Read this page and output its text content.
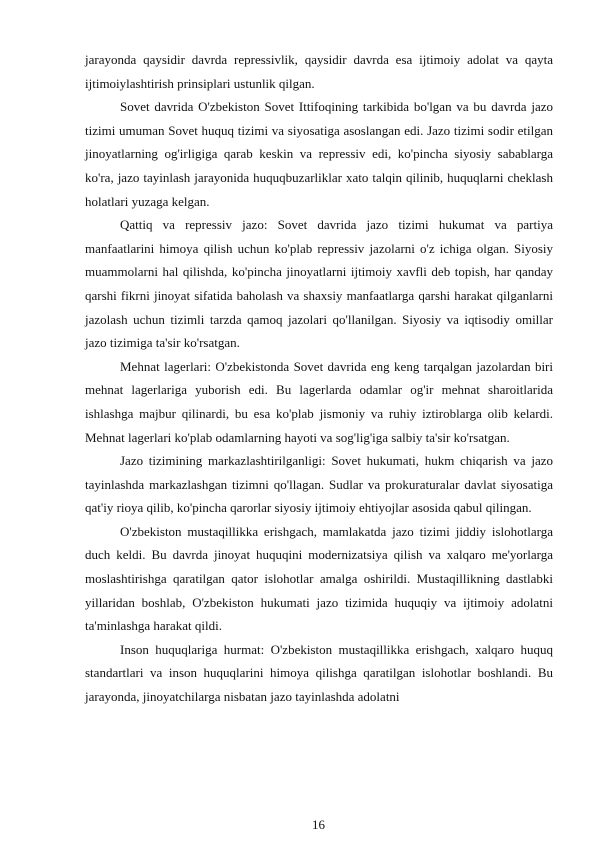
jarayonda qaysidir davrda repressivlik, qaysidir davrda esa ijtimoiy adolat va qayta ijtimoiylashtirish prinsiplari ustunlik qilgan.

Sovet davrida O'zbekiston Sovet Ittifoqining tarkibida bo'lgan va bu davrda jazo tizimi umuman Sovet huquq tizimi va siyosatiga asoslangan edi. Jazo tizimi sodir etilgan jinoyatlarning og'irligiga qarab keskin va repressiv edi, ko'pincha siyosiy sabablarga ko'ra, jazo tayinlash jarayonida huquqbuzarliklar xato talqin qilinib, huquqlarni cheklash holatlari yuzaga kelgan.

Qattiq va repressiv jazo: Sovet davrida jazo tizimi hukumat va partiya manfaatlarini himoya qilish uchun ko'plab repressiv jazolarni o'z ichiga olgan. Siyosiy muammolarni hal qilishda, ko'pincha jinoyatlarni ijtimoiy xavfli deb topish, har qanday qarshi fikrni jinoyat sifatida baholash va shaxsiy manfaatlarga qarshi harakat qilganlarni jazolash uchun tizimli tarzda qamoq jazolari qo'llanilgan. Siyosiy va iqtisodiy omillar jazo tizimiga ta'sir ko'rsatgan.

Mehnat lagerlari: O'zbekistonda Sovet davrida eng keng tarqalgan jazolardan biri mehnat lagerlariga yuborish edi. Bu lagerlarda odamlar og'ir mehnat sharoitlarida ishlashga majbur qilinardi, bu esa ko'plab jismoniy va ruhiy iztiroblarga olib kelardi. Mehnat lagerlari ko'plab odamlarning hayoti va sog'lig'iga salbiy ta'sir ko'rsatgan.

Jazo tizimining markazlashtirilganligi: Sovet hukumati, hukm chiqarish va jazo tayinlashda markazlashgan tizimni qo'llagan. Sudlar va prokuraturalar davlat siyosatiga qat'iy rioya qilib, ko'pincha qarorlar siyosiy ijtimoiy ehtiyojlar asosida qabul qilingan.

O'zbekiston mustaqillikka erishgach, mamlakatda jazo tizimi jiddiy islohotlarga duch keldi. Bu davrda jinoyat huquqini modernizatsiya qilish va xalqaro me'yorlarga moslashtirishga qaratilgan qator islohotlar amalga oshirildi. Mustaqillikning dastlabki yillaridan boshlab, O'zbekiston hukumati jazo tizimida huquqiy va ijtimoiy adolatni ta'minlashga harakat qildi.

Inson huquqlariga hurmat: O'zbekiston mustaqillikka erishgach, xalqaro huquq standartlari va inson huquqlarini himoya qilishga qaratilgan islohotlar boshlandi. Bu jarayonda, jinoyatchilarga nisbatan jazo tayinlashda adolatni

16
